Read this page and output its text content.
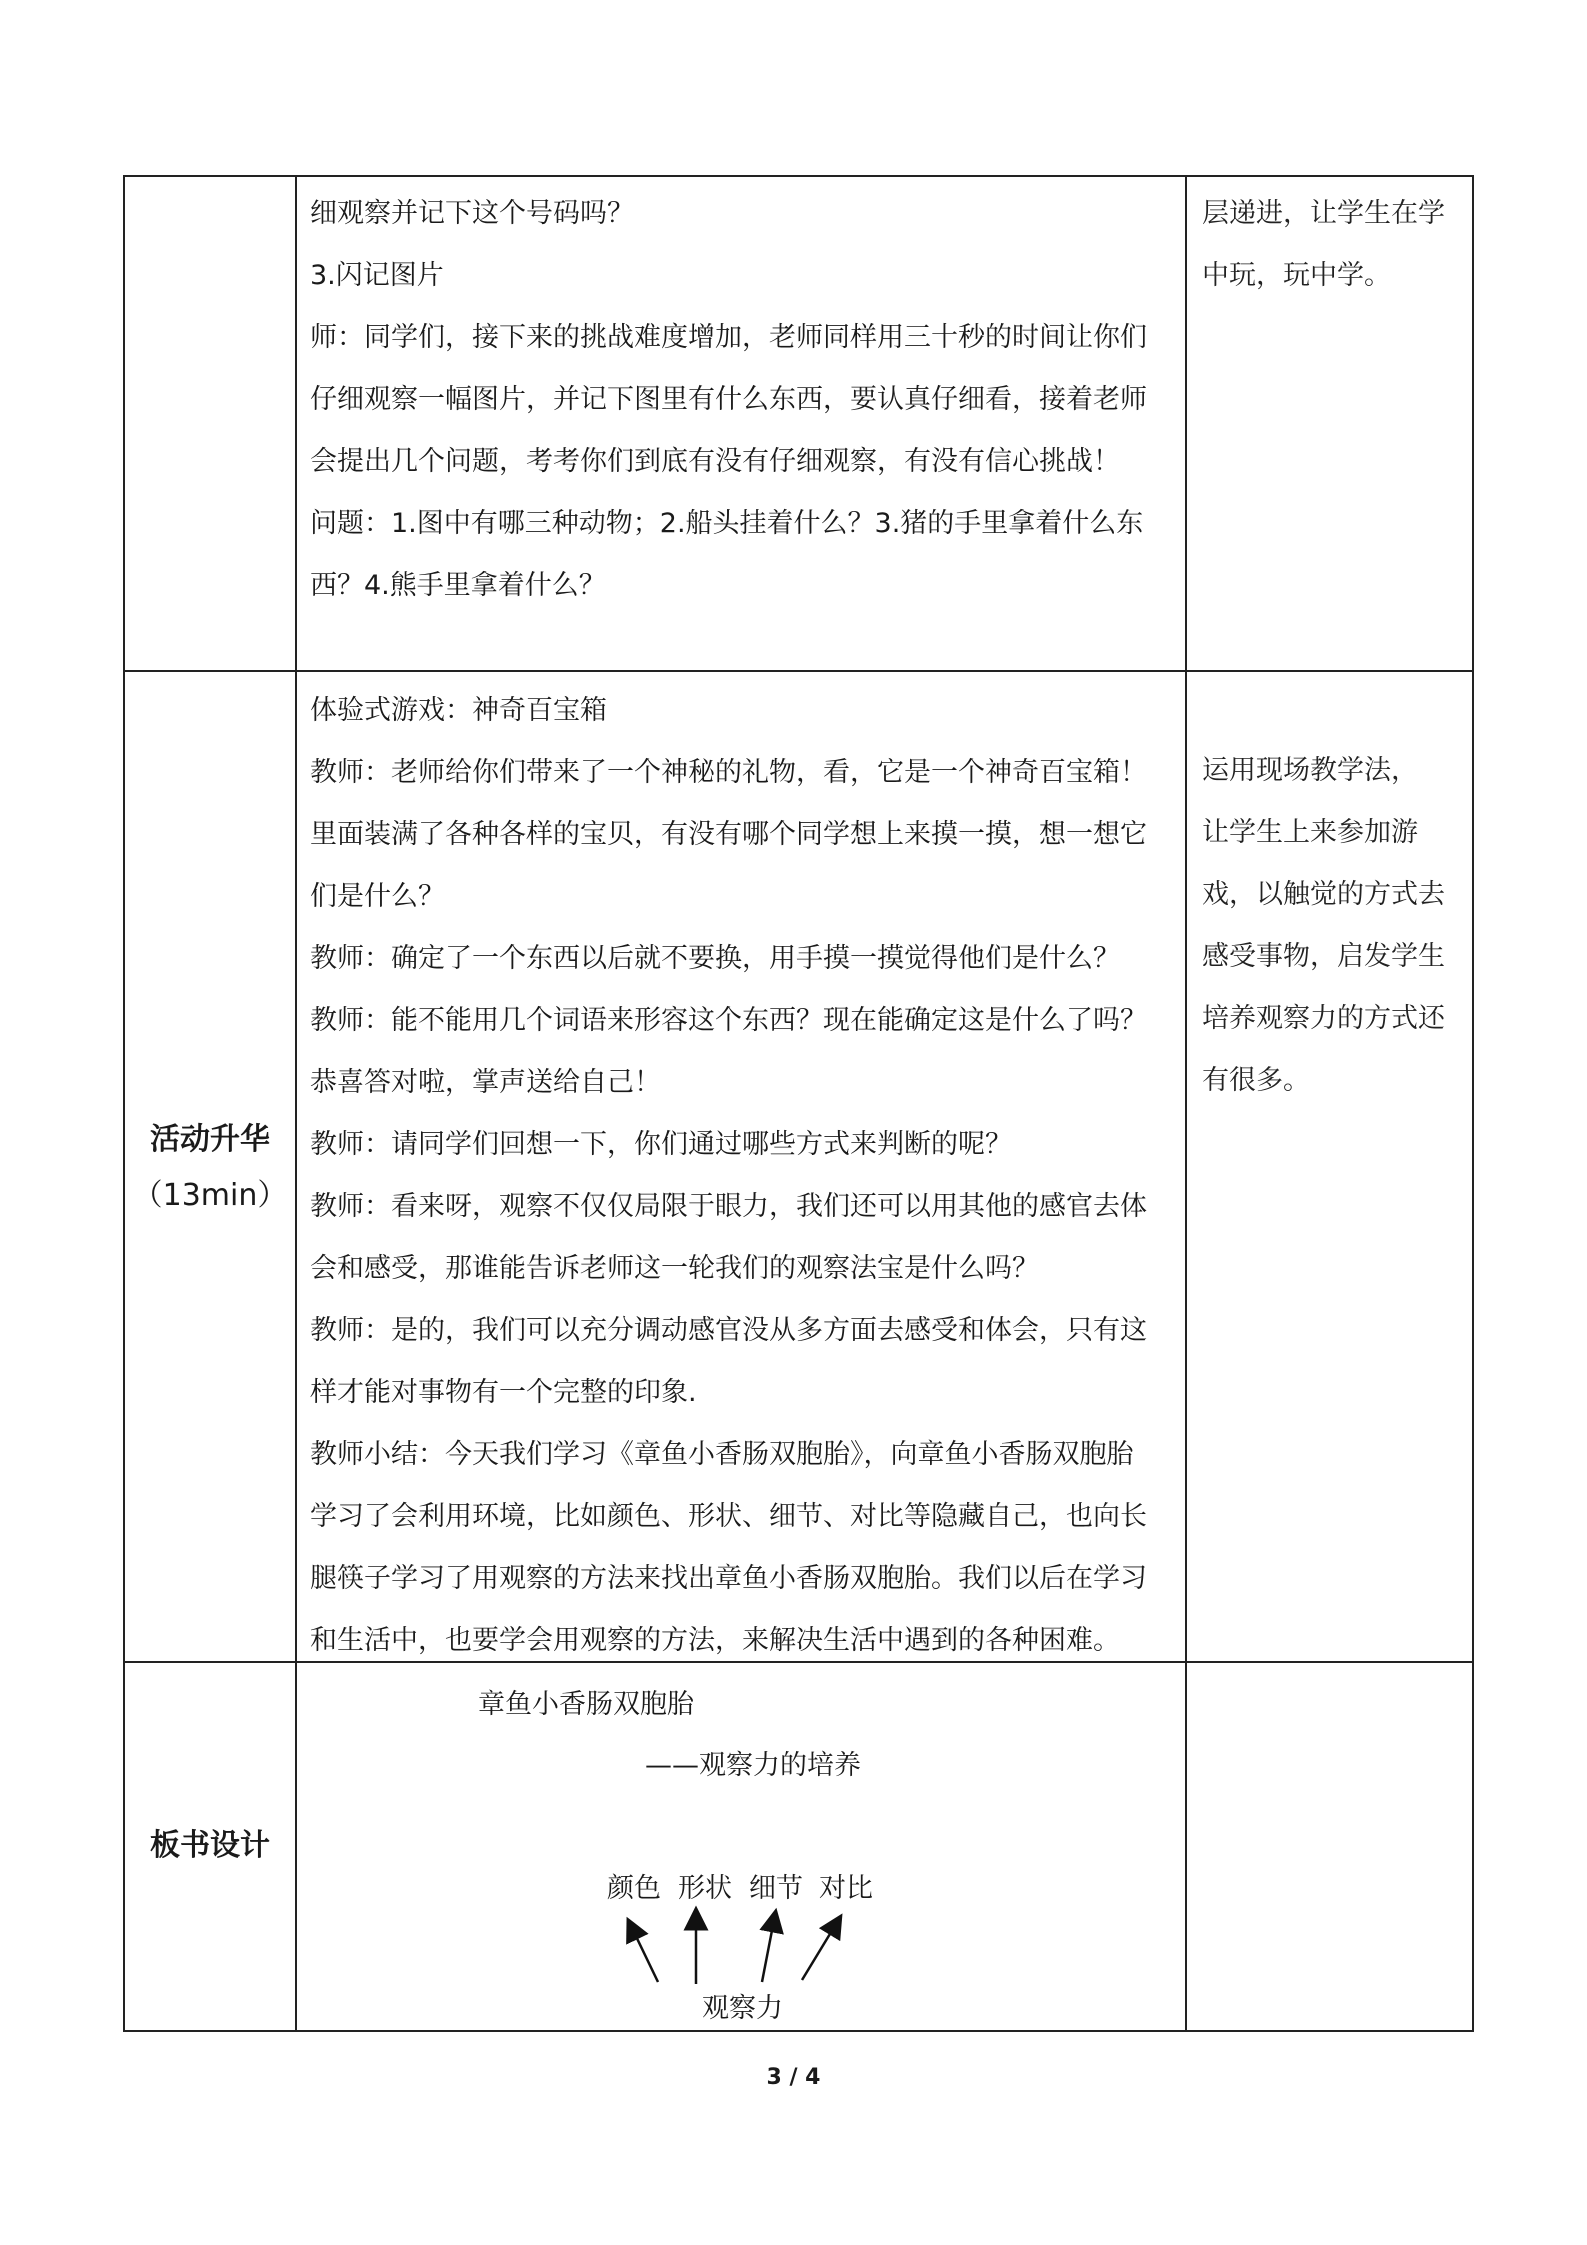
细观察并记下这个号码吗？

3.闪记图片

师：同学们，接下来的挑战难度增加，老师同样用三十秒的时间让你们

仔细观察一幅图片，并记下图里有什么东西，要认真仔细看，接着老师

会提出几个问题，考考你们到底有没有仔细观察，有没有信心挑战！

问题：1.图中有哪三种动物；2.船头挂着什么？3.猪的手里拿着什么东

西？4.熊手里拿着什么？

层递进，让学生在学

中玩，玩中学。

活动升华
（13min）

体验式游戏：神奇百宝箱

教师：老师给你们带来了一个神秘的礼物，看，它是一个神奇百宝箱！

里面装满了各种各样的宝贝，有没有哪个同学想上来摸一摸，想一想它

们是什么？

教师：确定了一个东西以后就不要换，用手摸一摸觉得他们是什么？

教师：能不能用几个词语来形容这个东西？现在能确定这是什么了吗？

恭喜答对啦，掌声送给自己！

教师：请同学们回想一下，你们通过哪些方式来判断的呢？

教师：看来呀，观察不仅仅局限于眼力，我们还可以用其他的感官去体

会和感受，那谁能告诉老师这一轮我们的观察法宝是什么吗？

教师：是的，我们可以充分调动感官没从多方面去感受和体会，只有这

样才能对事物有一个完整的印象.

教师小结：今天我们学习《章鱼小香肠双胞胎》，向章鱼小香肠双胞胎

学习了会利用环境，比如颜色、形状、细节、对比等隐藏自己，也向长

腿筷子学习了用观察的方法来找出章鱼小香肠双胞胎。我们以后在学习

和生活中，也要学会用观察的方法，来解决生活中遇到的各种困难。

运用现场教学法，

让学生上来参加游

戏，以触觉的方式去

感受事物，启发学生

培养观察力的方式还

有很多。

板书设计
章鱼小香肠双胞胎
——观察力的培养
颜色 形状 细节 对比
观察力
3 / 4
